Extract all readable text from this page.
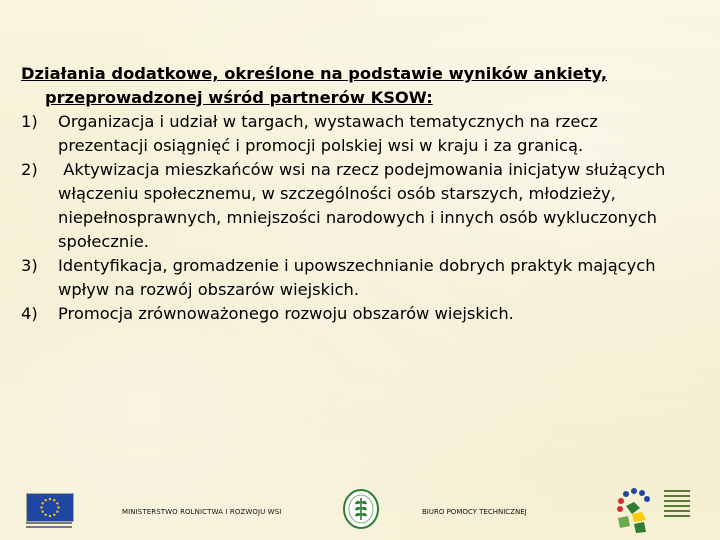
Działania dodatkowe, określone na podstawie wyników ankiety, przeprowadzonej wśród partnerów KSOW:
1)	Organizacja i udział w targach, wystawach tematycznych na rzecz prezentacji osiągnięć i promocji polskiej wsi w kraju i za granicą.
2)	Aktywizacja mieszkańców wsi na rzecz podejmowania inicjatyw służących włączeniu społecznemu, w szczególności osób starszych, młodzieży, niepełnosprawnych, mniejszości narodowych i innych osób wykluczonych społecznie.
3)	Identyfikacja, gromadzenie i upowszechnianie dobrych praktyk mających wpływ na rozwój obszarów wiejskich.
4)	Promocja zrównoważonego rozwoju obszarów wiejskich.
MINISTERSTWO ROLNICTWA I ROZWOJU WSI	BIURO POMOCY TECHNICZNEJ
